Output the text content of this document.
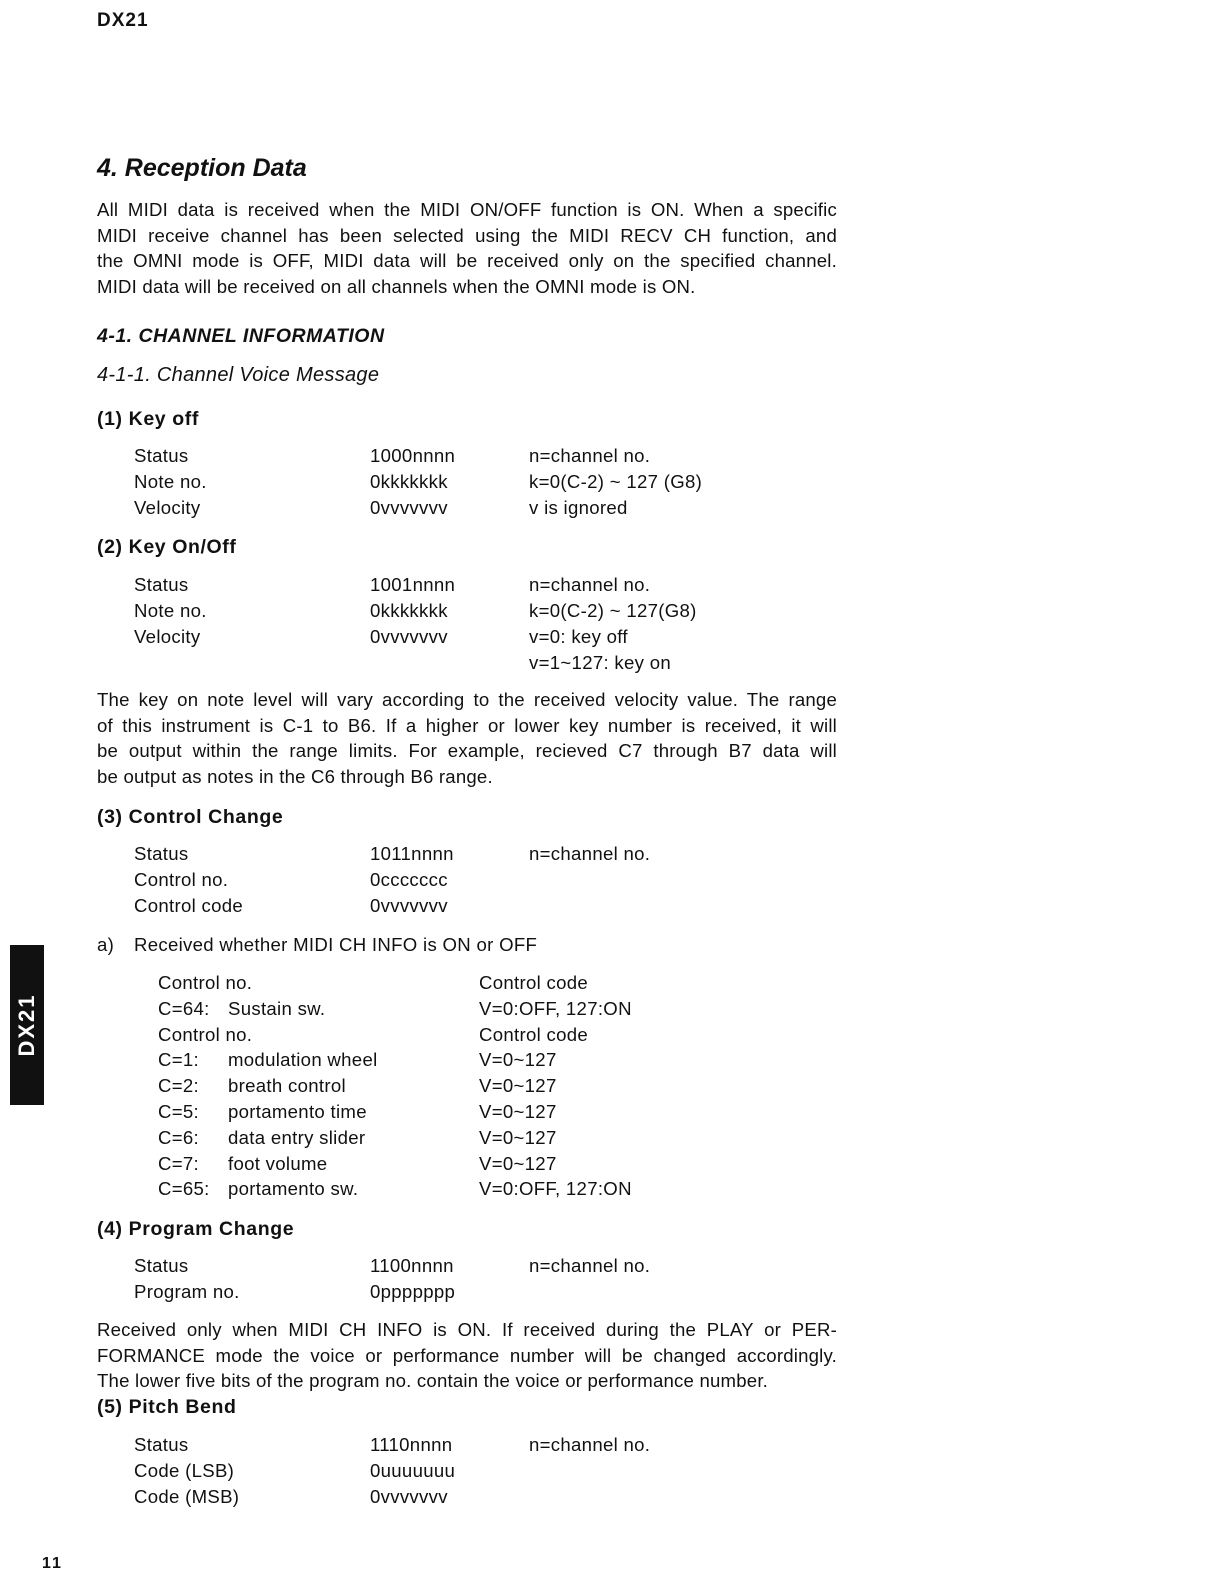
DX21
4. Reception Data
All MIDI data is received when the MIDI ON/OFF function is ON. When a specific
MIDI receive channel has been selected using the MIDI RECV CH function, and
the OMNI mode is OFF, MIDI data will be received only on the specified channel.
MIDI data will be received on all channels when the OMNI mode is ON.
4-1. CHANNEL INFORMATION
4-1-1. Channel Voice Message
(1) Key off
Status	1000nnnn	n=channel no.
Note no.	0kkkkkkk	k=0(C-2) ~ 127 (G8)
Velocity	0vvvvvvv	v is ignored
(2) Key On/Off
Status	1001nnnn	n=channel no.
Note no.	0kkkkkkk	k=0(C-2) ~ 127(G8)
Velocity	0vvvvvvv	v=0: key off
v=1~127: key on
The key on note level will vary according to the received velocity value. The range
of this instrument is C-1 to B6. If a higher or lower key number is received, it will
be output within the range limits. For example, recieved C7 through B7 data will
be output as notes in the C6 through B6 range.
(3) Control Change
Status	1011nnnn	n=channel no.
Control no.	0ccccccc
Control code	0vvvvvvv
a) Received whether MIDI CH INFO is ON or OFF
Control no.	Control code
C=64: Sustain sw.	V=0:OFF, 127:ON
Control no.	Control code
C=1: modulation wheel	V=0~127
C=2: breath control	V=0~127
C=5: portamento time	V=0~127
C=6: data entry slider	V=0~127
C=7: foot volume	V=0~127
C=65: portamento sw.	V=0:OFF, 127:ON
(4) Program Change
Status	1100nnnn	n=channel no.
Program no.	0ppppppp
Received only when MIDI CH INFO is ON. If received during the PLAY or PER-
FORMANCE mode the voice or performance number will be changed accordingly.
The lower five bits of the program no. contain the voice or performance number.
(5) Pitch Bend
Status	1110nnnn	n=channel no.
Code (LSB)	0uuuuuuu
Code (MSB)	0vvvvvvv
DX21
11
